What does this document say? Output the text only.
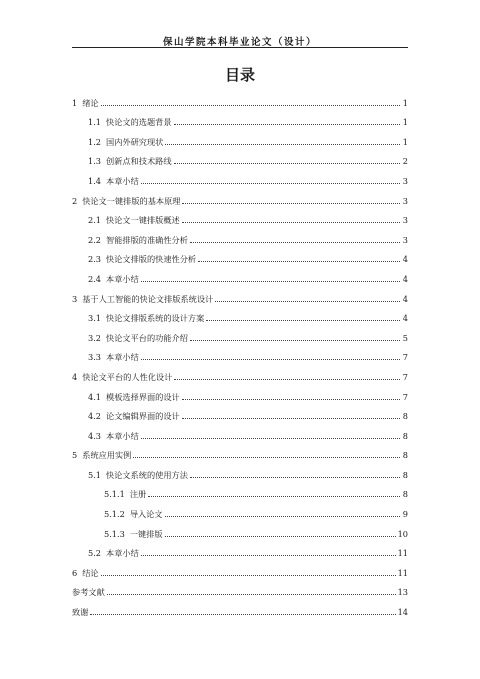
保山学院本科毕业论文（设计）
目录
1 绪论	1
1.1 快论文的选题背景	1
1.2 国内外研究现状	1
1.3 创新点和技术路线	2
1.4 本章小结	3
2 快论文一键排版的基本原理	3
2.1 快论文一键排版概述	3
2.2 智能排版的准确性分析	3
2.3 快论文排版的快速性分析	4
2.4 本章小结	4
3 基于人工智能的快论文排版系统设计	4
3.1 快论文排版系统的设计方案	4
3.2 快论文平台的功能介绍	5
3.3 本章小结	7
4 快论文平台的人性化设计	7
4.1 模板选择界面的设计	7
4.2 论文编辑界面的设计	8
4.3 本章小结	8
5 系统应用实例	8
5.1 快论文系统的使用方法	8
5.1.1 注册	8
5.1.2 导入论文	9
5.1.3 一键排版	10
5.2 本章小结	11
6 结论	11
参考文献	13
致谢	14
